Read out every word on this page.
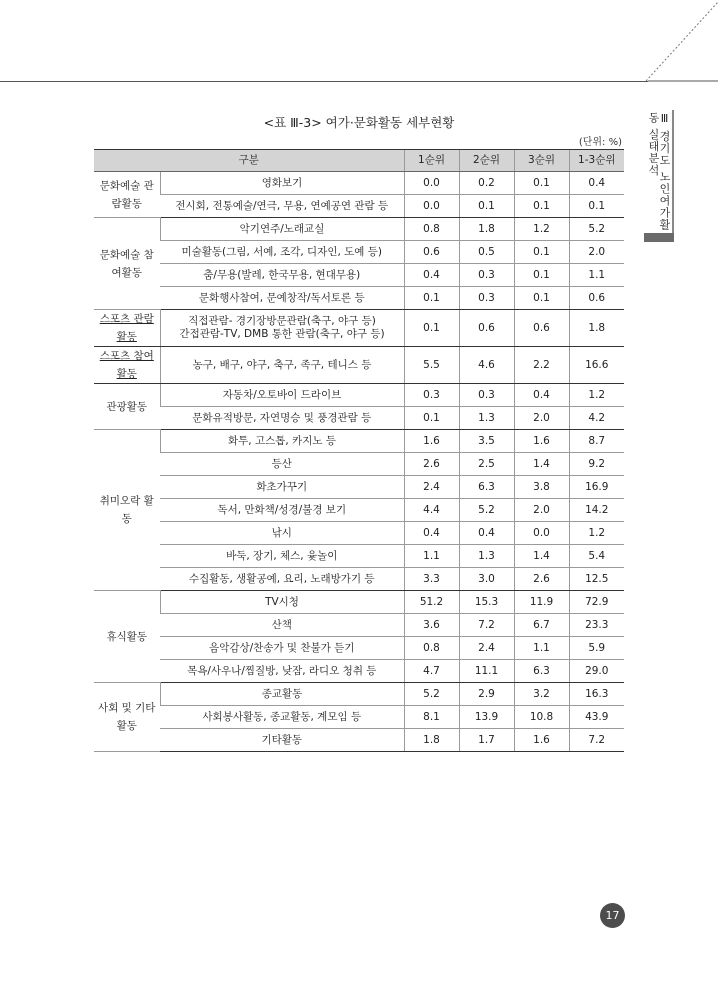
Ⅲ 경기도 노인여가활동 실태분석
<표 Ⅲ-3> 여가·문화활동 세부현황
(단위: %)
구분		1순위	2순위	3순위	1-3순위
문화예술 관람활동	영화보기	0.0	0.2	0.1	0.4
	전시회, 전통예술/연극, 무용, 연예공연 관람 등	0.0	0.1	0.1	0.1
문화예술 참여활동	악기연주/노래교실	0.8	1.8	1.2	5.2
	미술활동(그림, 서예, 조각, 디자인, 도예 등)	0.6	0.5	0.1	2.0
	춤/무용(발레, 한국무용, 현대무용)	0.4	0.3	0.1	1.1
	문화행사참여, 문예창작/독서토론 등	0.1	0.3	0.1	0.6
스포츠 관람활동	직접관람- 경기장방문관람(축구, 야구 등)
간접관람-TV, DMB 통한 관람(축구, 야구 등)	0.1	0.6	0.6	1.8
스포츠 참여활동	농구, 배구, 야구, 축구, 족구, 테니스 등	5.5	4.6	2.2	16.6
관광활동	자동차/오토바이 드라이브	0.3	0.3	0.4	1.2
	문화유적방문, 자연명승 및 풍경관람 등	0.1	1.3	2.0	4.2
취미오락 활동	화투, 고스톱, 카지노 등	1.6	3.5	1.6	8.7
	등산	2.6	2.5	1.4	9.2
	화초가꾸기	2.4	6.3	3.8	16.9
	독서, 만화책/성경/불경 보기	4.4	5.2	2.0	14.2
	낚시	0.4	0.4	0.0	1.2
	바둑, 장기, 체스, 윷놀이	1.1	1.3	1.4	5.4
	수집활동, 생활공예, 요리, 노래방가기 등	3.3	3.0	2.6	12.5
휴식활동	TV시청	51.2	15.3	11.9	72.9
	산책	3.6	7.2	6.7	23.3
	음악감상/찬송가 및 찬불가 듣기	0.8	2.4	1.1	5.9
	목욕/사우나/찜질방, 낮잠, 라디오 청취 등	4.7	11.1	6.3	29.0
사회 및 기타활동	종교활동	5.2	2.9	3.2	16.3
	사회봉사활동, 종교활동, 계모임 등	8.1	13.9	10.8	43.9
	기타활동	1.8	1.7	1.6	7.2
17
